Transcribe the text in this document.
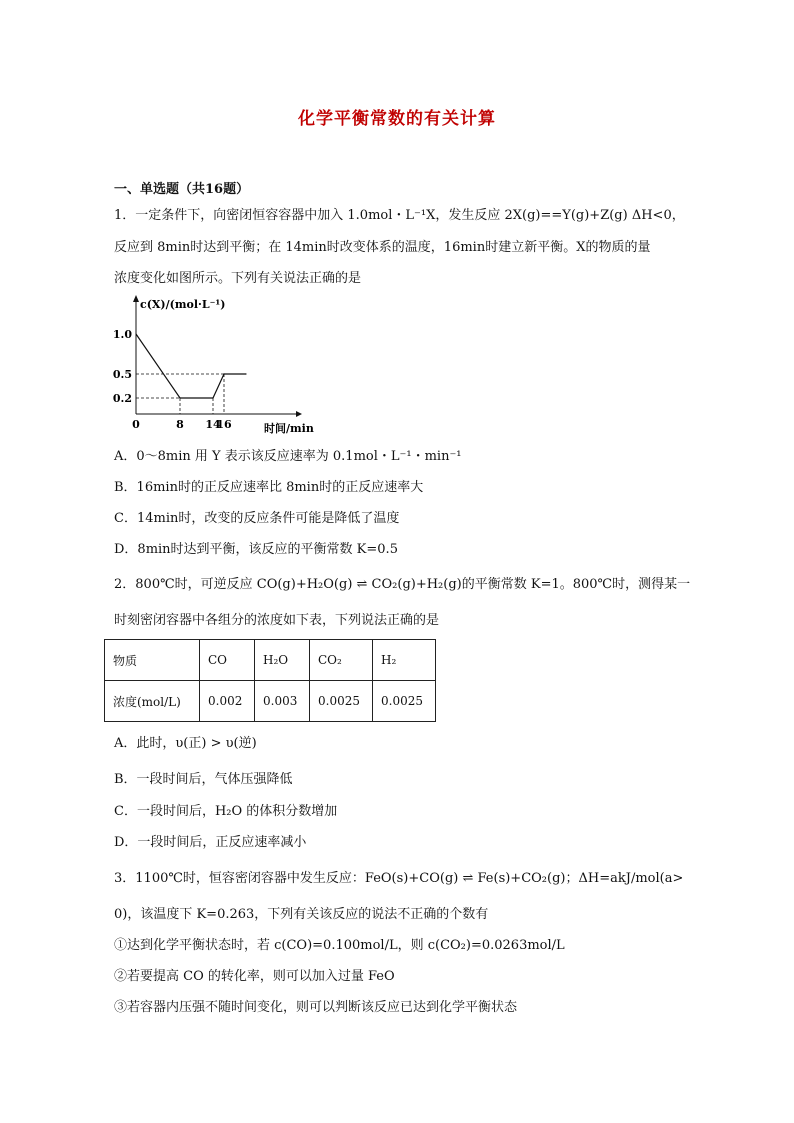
化学平衡常数的有关计算
一、单选题（共16题）
1．一定条件下，向密闭恒容容器中加入 1.0mol・L⁻¹X，发生反应 2X(g)==Y(g)+Z(g) ΔH<0，
反应到 8min时达到平衡；在 14min时改变体系的温度，16min时建立新平衡。X的物质的量
浓度变化如图所示。下列有关说法正确的是
0	8 14
16
1.0
0.5
0.2
c(X)/(mol·L⁻¹)
时间/min
A．0～8min 用 Y 表示该反应速率为 0.1mol・L⁻¹・min⁻¹
B．16min时的正反应速率比 8min时的正反应速率大
C．14min时，改变的反应条件可能是降低了温度
D．8min时达到平衡，该反应的平衡常数 K=0.5
2．800℃时，可逆反应 CO(g)+H₂O(g) ⇌ CO₂(g)+H₂(g)的平衡常数 K=1。800℃时，测得某一
时刻密闭容器中各组分的浓度如下表，下列说法正确的是
物质	CO	H₂O	CO₂	H₂
浓度(mol/L)	0.002	0.003	0.0025	0.0025
A．此时，υ(正) > υ(逆)
B．一段时间后，气体压强降低
C．一段时间后，H₂O 的体积分数增加
D．一段时间后，正反应速率减小
3．1100℃时，恒容密闭容器中发生反应：FeO(s)+CO(g) ⇌ Fe(s)+CO₂(g)；ΔH=akJ/mol(a>
0)，该温度下 K=0.263，下列有关该反应的说法不正确的个数有
①达到化学平衡状态时，若 c(CO)=0.100mol/L，则 c(CO₂)=0.0263mol/L
②若要提高 CO 的转化率，则可以加入过量 FeO
③若容器内压强不随时间变化，则可以判断该反应已达到化学平衡状态
